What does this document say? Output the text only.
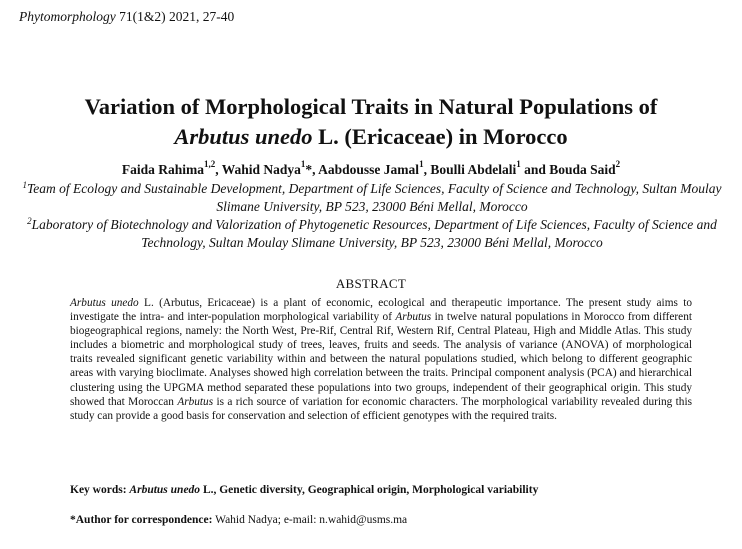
Phytomorphology 71(1&2) 2021, 27-40
Variation of Morphological Traits in Natural Populations of
Arbutus unedo L. (Ericaceae) in Morocco
Faida Rahima$^{1,2}$, Wahid Nadya$^1$*, Aabdousse Jamal$^1$, Boulli Abdelali$^1$ and Bouda Said$^2$
$^1$Team of Ecology and Sustainable Development, Department of Life Sciences, Faculty of Science and Technology, Sultan Moulay Slimane University, BP 523, 23000 Béni Mellal, Morocco
$^2$Laboratory of Biotechnology and Valorization of Phytogenetic Resources, Department of Life Sciences, Faculty of Science and Technology, Sultan Moulay Slimane University, BP 523, 23000 Béni Mellal, Morocco
ABSTRACT
Arbutus unedo L. (Arbutus, Ericaceae) is a plant of economic, ecological and therapeutic importance. The present study aims to investigate the intra- and inter-population morphological variability of Arbutus in twelve natural populations in Morocco from different biogeographical regions, namely: the North West, Pre-Rif, Central Rif, Western Rif, Central Plateau, High and Middle Atlas. This study includes a biometric and morphological study of trees, leaves, fruits and seeds. The analysis of variance (ANOVA) of morphological traits revealed significant genetic variability within and between the natural populations studied, which belong to different geographic areas with varying bioclimate. Analyses showed high correlation between the traits. Principal component analysis (PCA) and hierarchical clustering using the UPGMA method separated these populations into two groups, independent of their geographical origin. This study showed that Moroccan Arbutus is a rich source of variation for economic characters. The morphological variability revealed during this study can provide a good basis for conservation and selection of efficient genotypes with the required traits.
Key words: Arbutus unedo L., Genetic diversity, Geographical origin, Morphological variability
*Author for correspondence: Wahid Nadya; e-mail: n.wahid@usms.ma
